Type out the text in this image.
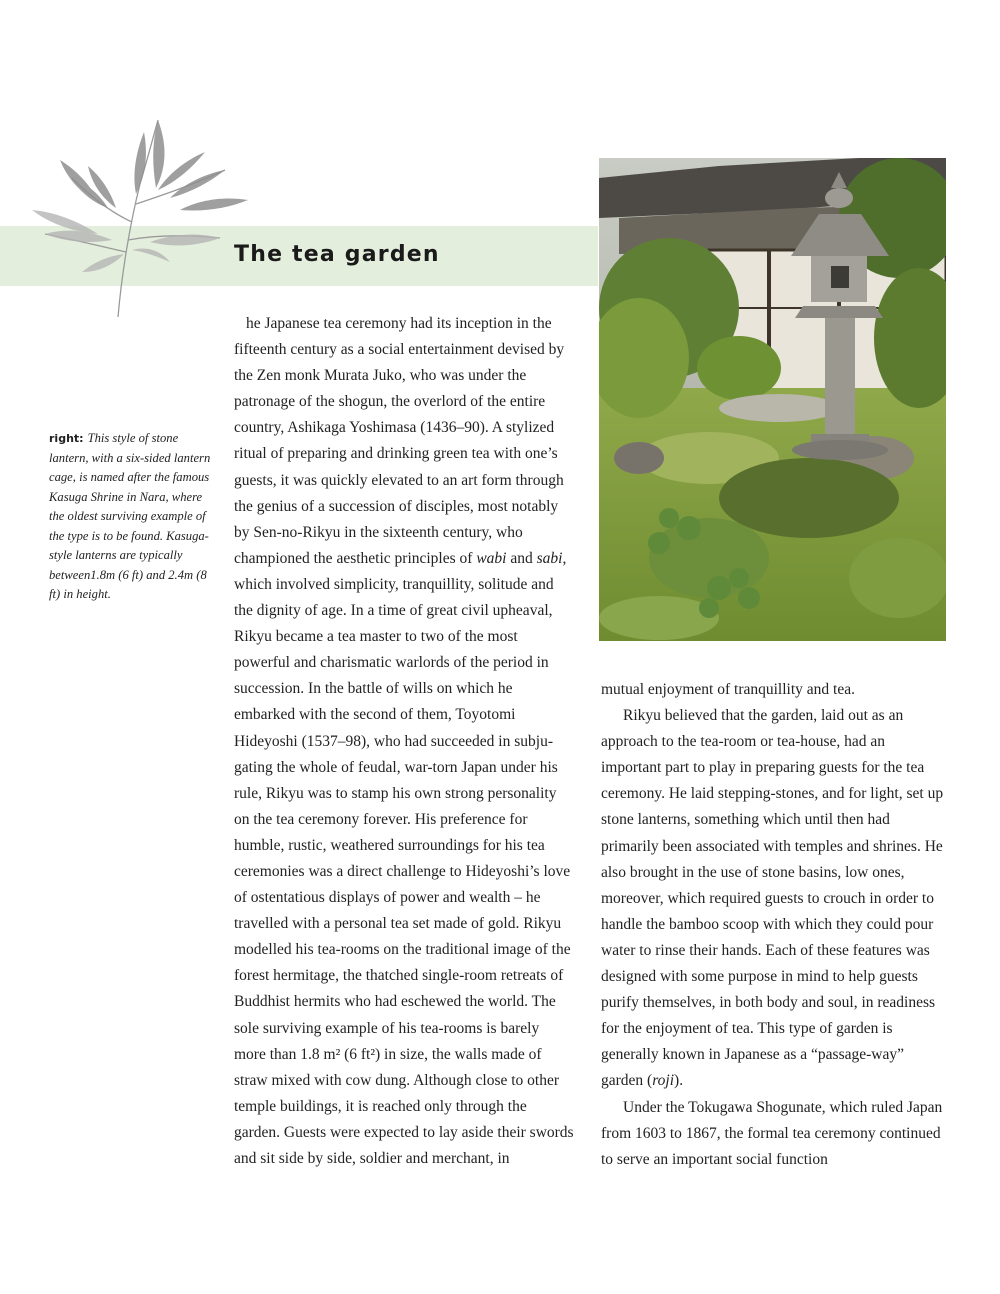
The tea garden
right: This style of stone lantern, with a six-sided lantern cage, is named after the famous Kasuga Shrine in Nara, where the oldest surviving example of the type is to be found. Kasuga-style lanterns are typically between1.8m (6 ft) and 2.4m (8 ft) in height.

he Japanese tea ceremony had its inception in the fifteenth century as a social entertainment devised by the Zen monk Murata Juko, who was under the patronage of the shogun, the overlord of the entire country, Ashikaga Yoshimasa (1436–90). A stylized ritual of preparing and drinking green tea with one’s guests, it was quickly elevated to an art form through the genius of a succession of disciples, most notably by Sen-no-Rikyu in the sixteenth century, who championed the aesthetic principles of wabi and sabi, which involved simplicity, tranquillity, solitude and the dignity of age. In a time of great civil upheaval, Rikyu became a tea master to two of the most powerful and charismatic warlords of the period in succession. In the battle of wills on which he embarked with the second of them, Toyotomi Hideyoshi (1537–98), who had succeeded in subju-gating the whole of feudal, war-torn Japan under his rule, Rikyu was to stamp his own strong personality on the tea ceremony forever. His preference for humble, rustic, weathered surroundings for his tea ceremonies was a direct challenge to Hideyoshi’s love of ostentatious displays of power and wealth – he travelled with a personal tea set made of gold. Rikyu modelled his tea-rooms on the traditional image of the forest hermitage, the thatched single-room retreats of Buddhist hermits who had eschewed the world. The sole surviving example of his tea-rooms is barely more than 1.8 m² (6 ft²) in size, the walls made of straw mixed with cow dung. Although close to other temple buildings, it is reached only through the garden. Guests were expected to lay aside their swords and sit side by side, soldier and merchant, in

mutual enjoyment of tranquillity and tea.

Rikyu believed that the garden, laid out as an approach to the tea-room or tea-house, had an important part to play in preparing guests for the tea ceremony. He laid stepping-stones, and for light, set up stone lanterns, something which until then had primarily been associated with temples and shrines. He also brought in the use of stone basins, low ones, moreover, which required guests to crouch in order to handle the bamboo scoop with which they could pour water to rinse their hands. Each of these features was designed with some purpose in mind to help guests purify themselves, in both body and soul, in readiness for the enjoyment of tea. This type of garden is generally known in Japanese as a “passage-way” garden (roji).

Under the Tokugawa Shogunate, which ruled Japan from 1603 to 1867, the formal tea ceremony continued to serve an important social function
